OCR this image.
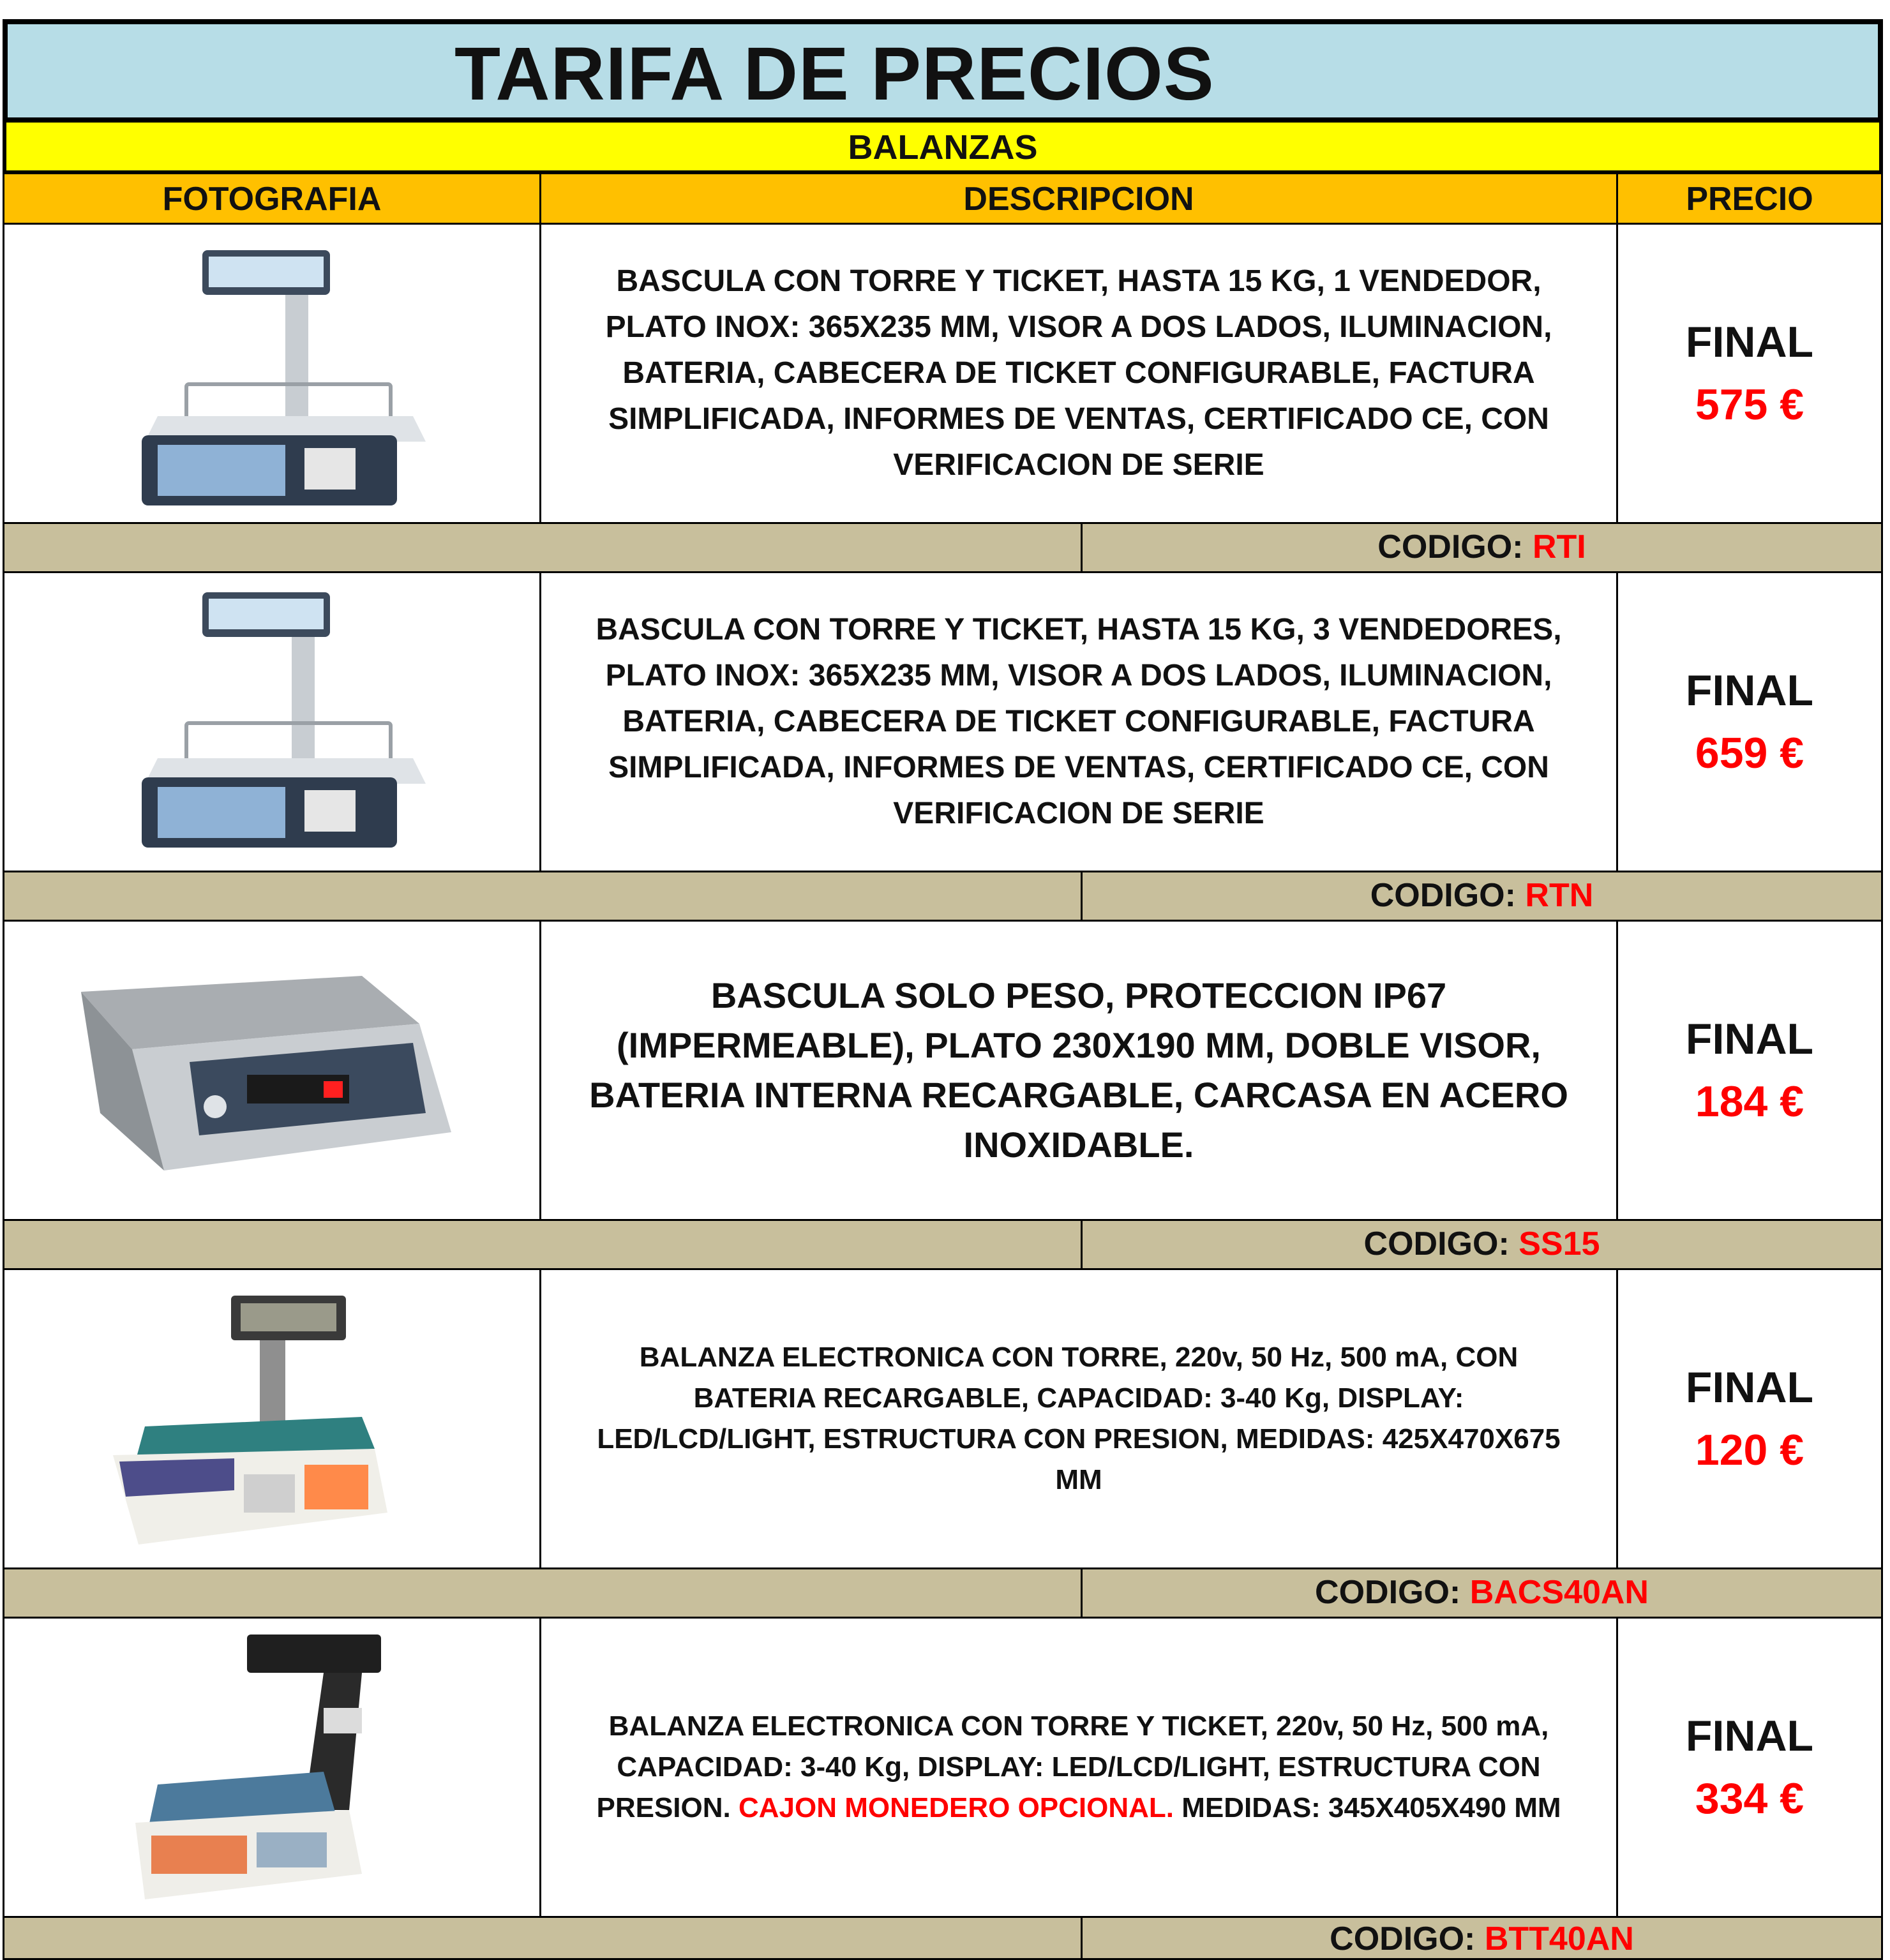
TARIFA DE PRECIOS
BALANZAS
FOTOGRAFIA	DESCRIPCION	PRECIO
BASCULA CON TORRE Y TICKET, HASTA 15 KG, 1 VENDEDOR, PLATO INOX: 365X235 MM, VISOR A DOS LADOS, ILUMINACION, BATERIA, CABECERA DE TICKET CONFIGURABLE, FACTURA SIMPLIFICADA, INFORMES DE VENTAS, CERTIFICADO CE, CON VERIFICACION DE SERIE
FINAL
575 €
CODIGO: RTI
BASCULA CON TORRE Y TICKET, HASTA 15 KG, 3 VENDEDORES, PLATO INOX: 365X235 MM, VISOR A DOS LADOS, ILUMINACION, BATERIA, CABECERA DE TICKET CONFIGURABLE, FACTURA SIMPLIFICADA, INFORMES DE VENTAS, CERTIFICADO CE, CON VERIFICACION DE SERIE
FINAL
659 €
CODIGO: RTN
BASCULA SOLO PESO, PROTECCION IP67 (IMPERMEABLE), PLATO 230X190 MM, DOBLE VISOR, BATERIA INTERNA RECARGABLE, CARCASA EN ACERO INOXIDABLE.
FINAL
184 €
CODIGO: SS15
BALANZA ELECTRONICA CON TORRE, 220v, 50 Hz, 500 mA, CON BATERIA RECARGABLE, CAPACIDAD: 3-40 Kg, DISPLAY: LED/LCD/LIGHT, ESTRUCTURA CON PRESION, MEDIDAS: 425X470X675 MM
FINAL
120 €
CODIGO: BACS40AN
BALANZA ELECTRONICA CON TORRE Y TICKET, 220v, 50 Hz, 500 mA, CAPACIDAD: 3-40 Kg, DISPLAY: LED/LCD/LIGHT, ESTRUCTURA CON PRESION. CAJON MONEDERO OPCIONAL. MEDIDAS: 345X405X490 MM
FINAL
334 €
CODIGO: BTT40AN
